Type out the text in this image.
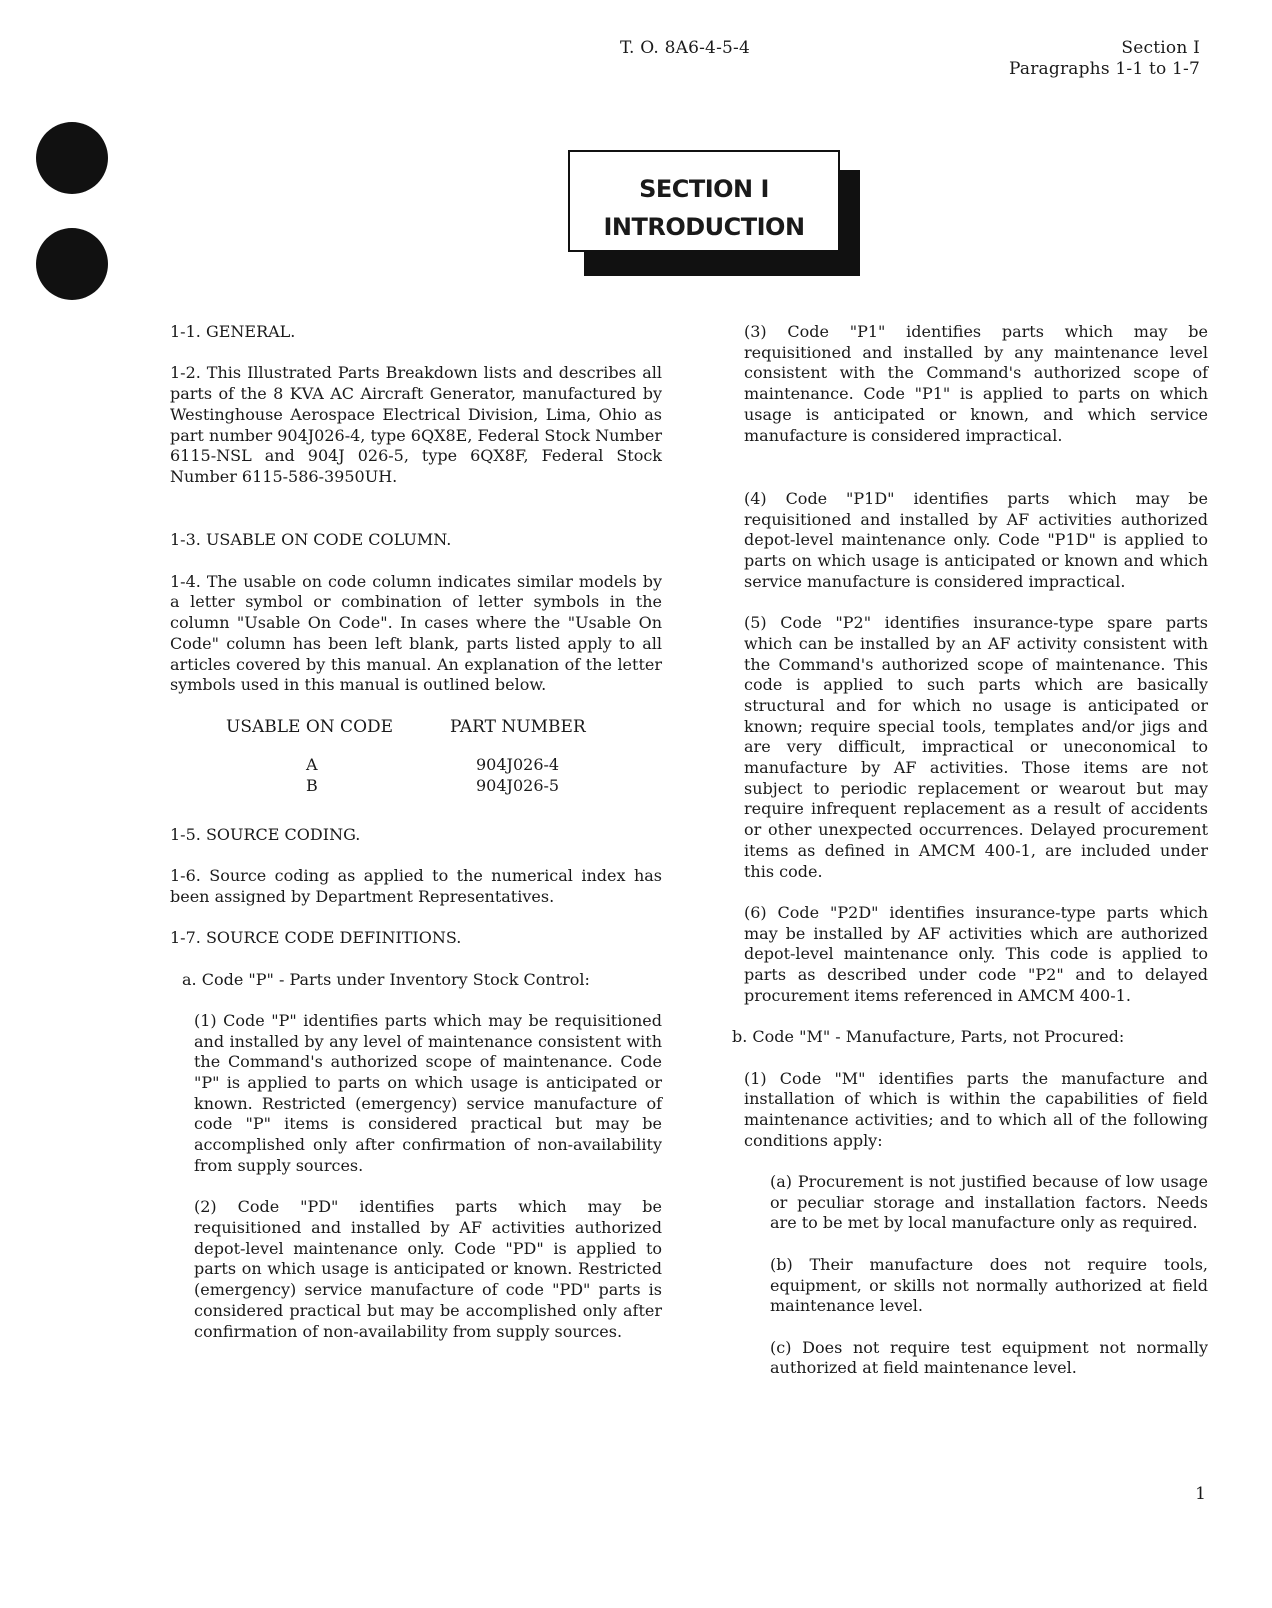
T. O. 8A6-4-5-4	Section I
Paragraphs 1-1 to 1-7
SECTION I
INTRODUCTION
1-1. GENERAL.

1-2. This Illustrated Parts Breakdown lists and describes all parts of the 8 KVA AC Aircraft Generator, manufactured by Westinghouse Aerospace Electrical Division, Lima, Ohio as part number 904J026-4, type 6QX8E, Federal Stock Number 6115-NSL and 904J 026-5, type 6QX8F, Federal Stock Number 6115-586-3950UH.

1-3. USABLE ON CODE COLUMN.

1-4. The usable on code column indicates similar models by a letter symbol or combination of letter symbols in the column "Usable On Code". In cases where the "Usable On Code" column has been left blank, parts listed apply to all articles covered by this manual. An explanation of the letter symbols used in this manual is outlined below.

USABLE ON CODE	PART NUMBER
A	904J026-4
B	904J026-5
1-5. SOURCE CODING.

1-6. Source coding as applied to the numerical index has been assigned by Department Representatives.

1-7. SOURCE CODE DEFINITIONS.

a. Code "P" - Parts under Inventory Stock Control:

(1) Code "P" identifies parts which may be requisitioned and installed by any level of maintenance consistent with the Command's authorized scope of maintenance. Code "P" is applied to parts on which usage is anticipated or known. Restricted (emergency) service manufacture of code "P" items is considered practical but may be accomplished only after confirmation of non-availability from supply sources.

(2) Code "PD" identifies parts which may be requisitioned and installed by AF activities authorized depot-level maintenance only. Code "PD" is applied to parts on which usage is anticipated or known. Restricted (emergency) service manufacture of code "PD" parts is considered practical but may be accomplished only after confirmation of non-availability from supply sources.

(3) Code "P1" identifies parts which may be requisitioned and installed by any maintenance level consistent with the Command's authorized scope of maintenance. Code "P1" is applied to parts on which usage is anticipated or known, and which service manufacture is considered impractical.

(4) Code "P1D" identifies parts which may be requisitioned and installed by AF activities authorized depot-level maintenance only. Code "P1D" is applied to parts on which usage is anticipated or known and which service manufacture is considered impractical.

(5) Code "P2" identifies insurance-type spare parts which can be installed by an AF activity consistent with the Command's authorized scope of maintenance. This code is applied to such parts which are basically structural and for which no usage is anticipated or known; require special tools, templates and/or jigs and are very difficult, impractical or uneconomical to manufacture by AF activities. Those items are not subject to periodic replacement or wearout but may require infrequent replacement as a result of accidents or other unexpected occurrences. Delayed procurement items as defined in AMCM 400-1, are included under this code.

(6) Code "P2D" identifies insurance-type parts which may be installed by AF activities which are authorized depot-level maintenance only. This code is applied to parts as described under code "P2" and to delayed procurement items referenced in AMCM 400-1.

b. Code "M" - Manufacture, Parts, not Procured:

(1) Code "M" identifies parts the manufacture and installation of which is within the capabilities of field maintenance activities; and to which all of the following conditions apply:

(a) Procurement is not justified because of low usage or peculiar storage and installation factors. Needs are to be met by local manufacture only as required.

(b) Their manufacture does not require tools, equipment, or skills not normally authorized at field maintenance level.

(c) Does not require test equipment not normally authorized at field maintenance level.

1
